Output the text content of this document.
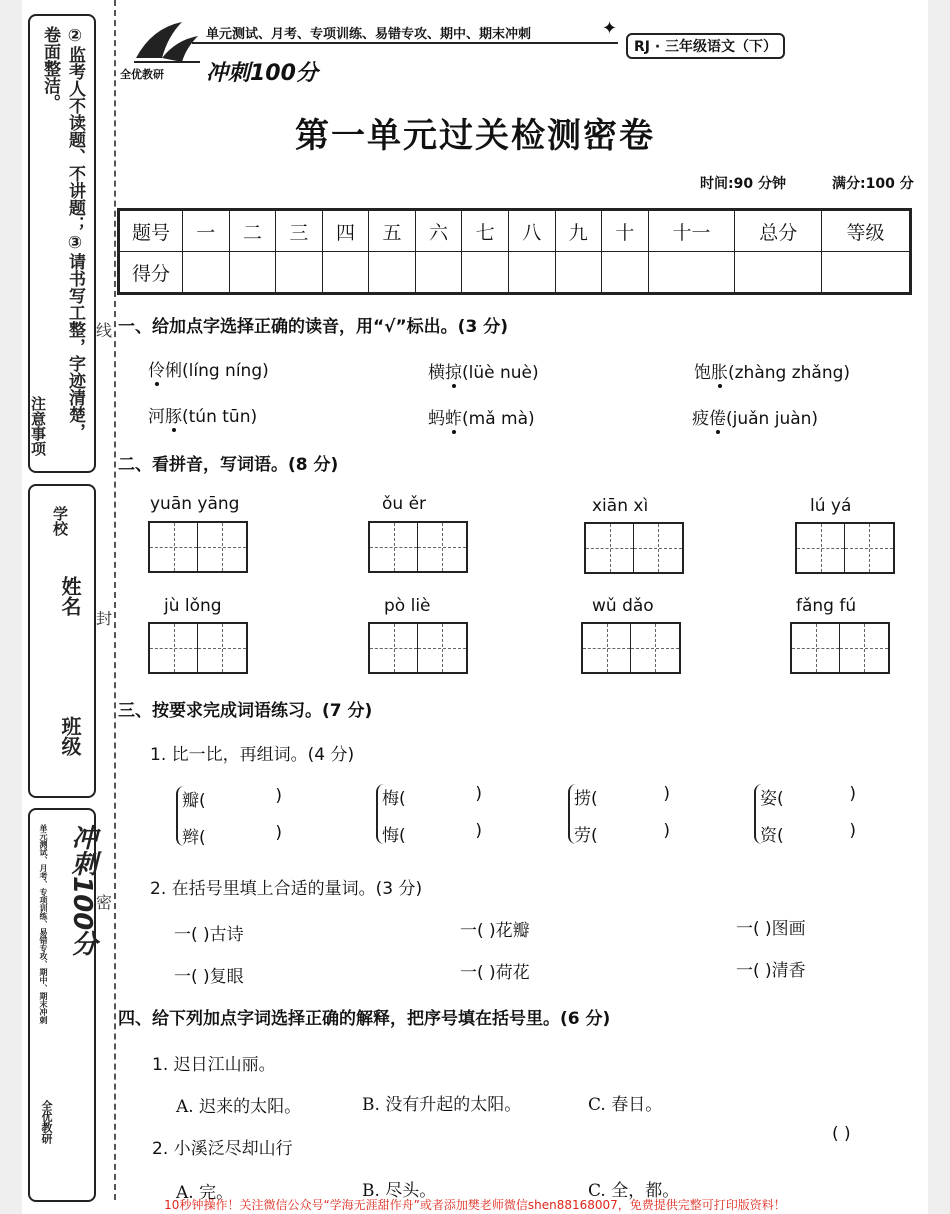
②监考人不读题、不讲题；③请书写工整，字迹清楚，卷面整洁。
注意事项
学校
姓名
班级
冲刺100分
单元测试、月考、专项训练、易错专攻、期中、期末冲刺
全优教研
线
封
密
全优教研
单元测试、月考、专项训练、易错专攻、期中、期末冲刺
冲刺100分
✦
RJ · 三年级语文（下）
第一单元过关检测密卷
时间:90 分钟	满分:100 分
题号	一	二	三	四	五	六	七	八	九	十	十一	总分	等级
得分													
一、给加点字选择正确的读音，用“√”标出。(3 分)
伶俐(líng níng)	横掠(lüè nuè)	饱胀(zhàng zhǎng)
河豚(tún tūn)	蚂蚱(mǎ mà)	疲倦(juǎn juàn)
二、看拼音，写词语。(8 分)
yuān yāng	ǒu ěr	xiān xì	lú yá
jù lǒng	pò liè	wǔ dǎo	fǎng fú
三、按要求完成词语练习。(7 分)
1. 比一比，再组词。(4 分)
瓣(	)
辫(	)
梅(	)
悔(	)
捞(	)
劳(	)
姿(	)
资(	)
2. 在括号里填上合适的量词。(3 分)
一( )古诗	一( )花瓣	一( )图画
一( )复眼	一( )荷花	一( )清香
四、给下列加点字词选择正确的解释，把序号填在括号里。(6 分)
1. 迟日江山丽。
A. 迟来的太阳。	B. 没有升起的太阳。	C. 春日。
2. 小溪泛尽却山行
( )
A. 完。	B. 尽头。	C. 全，都。
10秒钟操作！关注微信公众号“学海无涯甜作舟”或者添加樊老师微信shen88168007，免费提供完整可打印版资料！
